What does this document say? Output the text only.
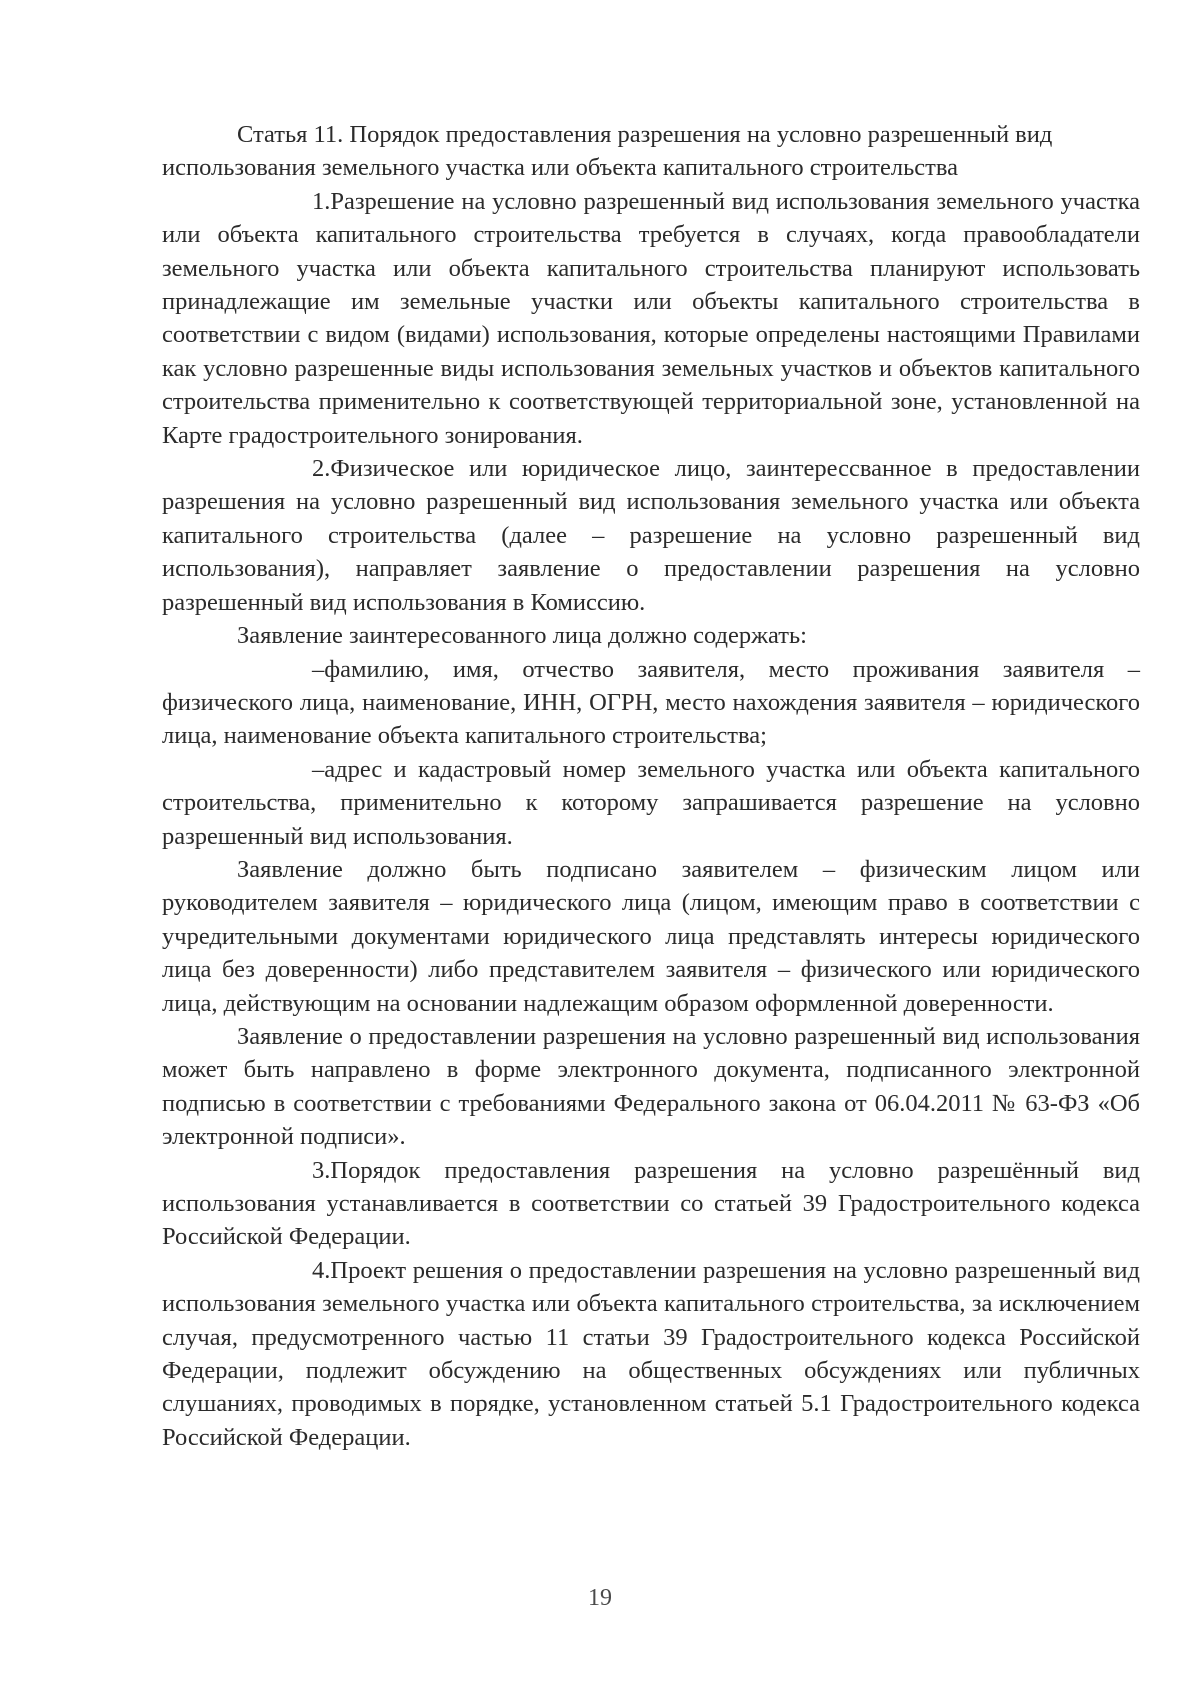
Статья 11. Порядок предоставления разрешения на условно разрешенный вид использования земельного участка или объекта капитального строительства

1.Разрешение на условно разрешенный вид использования земельного участка или объекта капитального строительства требуется в случаях, когда правообладатели земельного участка или объекта капитального строительства планируют использовать принадлежащие им земельные участки или объекты капитального строительства в соответствии с видом (видами) использования, которые определены настоящими Правилами как условно разрешенные виды использования земельных участков и объектов капитального строительства применительно к соответствующей территориальной зоне, установленной на Карте градостроительного зонирования.

2.Физическое или юридическое лицо, заинтерессванное в предоставлении разрешения на условно разрешенный вид использования земельного участка или объекта капитального строительства (далее – разрешение на условно разрешенный вид использования), направляет заявление о предоставлении разрешения на условно разрешенный вид использования в Комиссию.

Заявление заинтересованного лица должно содержать:

–фамилию, имя, отчество заявителя, место проживания заявителя – физического лица, наименование, ИНН, ОГРН, место нахождения заявителя – юридического лица, наименование объекта капитального строительства;

–адрес и кадастровый номер земельного участка или объекта капитального строительства, применительно к которому запрашивается разрешение на условно разрешенный вид использования.

Заявление должно быть подписано заявителем – физическим лицом или руководителем заявителя – юридического лица (лицом, имеющим право в соответствии с учредительными документами юридического лица представлять интересы юридического лица без доверенности) либо представителем заявителя – физического или юридического лица, действующим на основании надлежащим образом оформленной доверенности.

Заявление о предоставлении разрешения на условно разрешенный вид использования может быть направлено в форме электронного документа, подписанного электронной подписью в соответствии с требованиями Федерального закона от 06.04.2011 № 63-ФЗ «Об электронной подписи».

3.Порядок предоставления разрешения на условно разрешённый вид использования устанавливается в соответствии со статьей 39 Градостроительного кодекса Российской Федерации.

4.Проект решения о предоставлении разрешения на условно разрешенный вид использования земельного участка или объекта капитального строительства, за исключением случая, предусмотренного частью 11 статьи 39 Градостроительного кодекса Российской Федерации, подлежит обсуждению на общественных обсуждениях или публичных слушаниях, проводимых в порядке, установленном статьей 5.1 Градостроительного кодекса Российской Федерации.

19
